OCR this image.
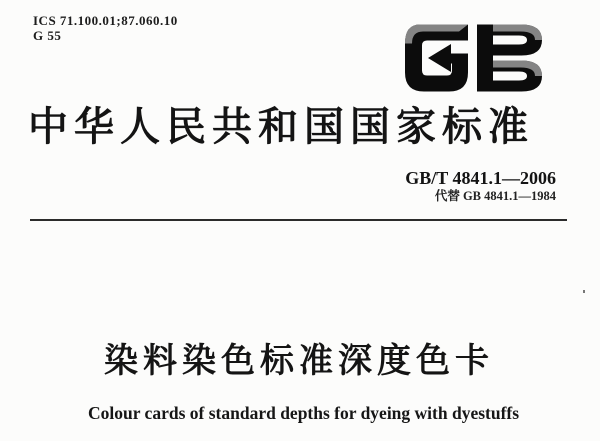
ICS 71.100.01;87.060.10
G 55
中华人民共和国国家标准
GB/T 4841.1—2006
代替 GB 4841.1—1984
染料染色标准深度色卡
Colour cards of standard depths for dyeing with dyestuffs
